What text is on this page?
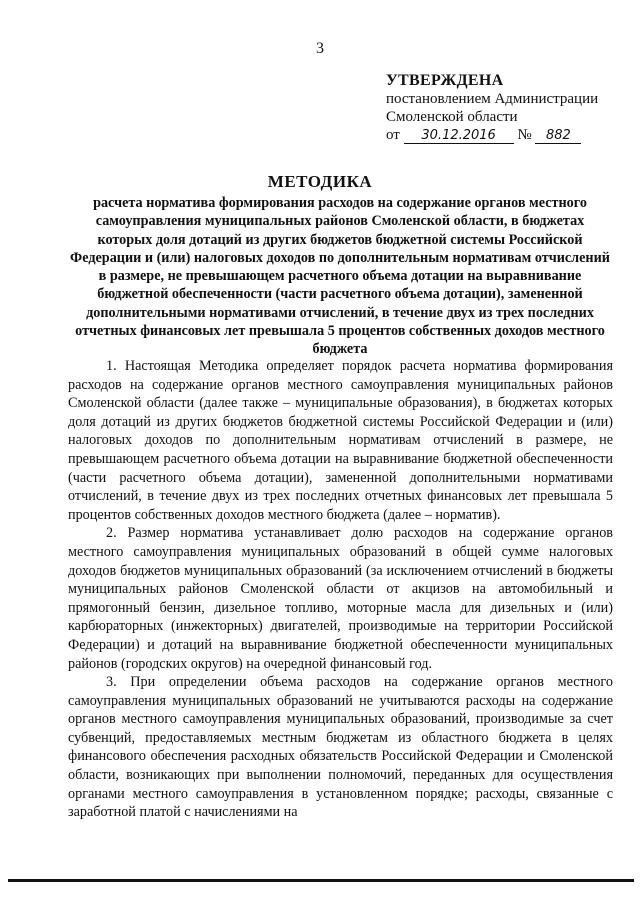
3
УТВЕРЖДЕНА
постановлением Администрации
Смоленской области
от 30.12.2016 № 882
МЕТОДИКА
расчета норматива формирования расходов на содержание органов местного самоуправления муниципальных районов Смоленской области, в бюджетах которых доля дотаций из других бюджетов бюджетной системы Российской Федерации и (или) налоговых доходов по дополнительным нормативам отчислений в размере, не превышающем расчетного объема дотации на выравнивание бюджетной обеспеченности (части расчетного объема дотации), замененной дополнительными нормативами отчислений, в течение двух из трех последних отчетных финансовых лет превышала 5 процентов собственных доходов местного бюджета

1. Настоящая Методика определяет порядок расчета норматива формирования расходов на содержание органов местного самоуправления муниципальных районов Смоленской области (далее также – муниципальные образования), в бюджетах которых доля дотаций из других бюджетов бюджетной системы Российской Федерации и (или) налоговых доходов по дополнительным нормативам отчислений в размере, не превышающем расчетного объема дотации на выравнивание бюджетной обеспеченности (части расчетного объема дотации), замененной дополнительными нормативами отчислений, в течение двух из трех последних отчетных финансовых лет превышала 5 процентов собственных доходов местного бюджета (далее – норматив).

2. Размер норматива устанавливает долю расходов на содержание органов местного самоуправления муниципальных образований в общей сумме налоговых доходов бюджетов муниципальных образований (за исключением отчислений в бюджеты муниципальных районов Смоленской области от акцизов на автомобильный и прямогонный бензин, дизельное топливо, моторные масла для дизельных и (или) карбюраторных (инжекторных) двигателей, производимые на территории Российской Федерации) и дотаций на выравнивание бюджетной обеспеченности муниципальных районов (городских округов) на очередной финансовый год.

3. При определении объема расходов на содержание органов местного самоуправления муниципальных образований не учитываются расходы на содержание органов местного самоуправления муниципальных образований, производимые за счет субвенций, предоставляемых местным бюджетам из областного бюджета в целях финансового обеспечения расходных обязательств Российской Федерации и Смоленской области, возникающих при выполнении полномочий, переданных для осуществления органами местного самоуправления в установленном порядке; расходы, связанные с заработной платой с начислениями на
